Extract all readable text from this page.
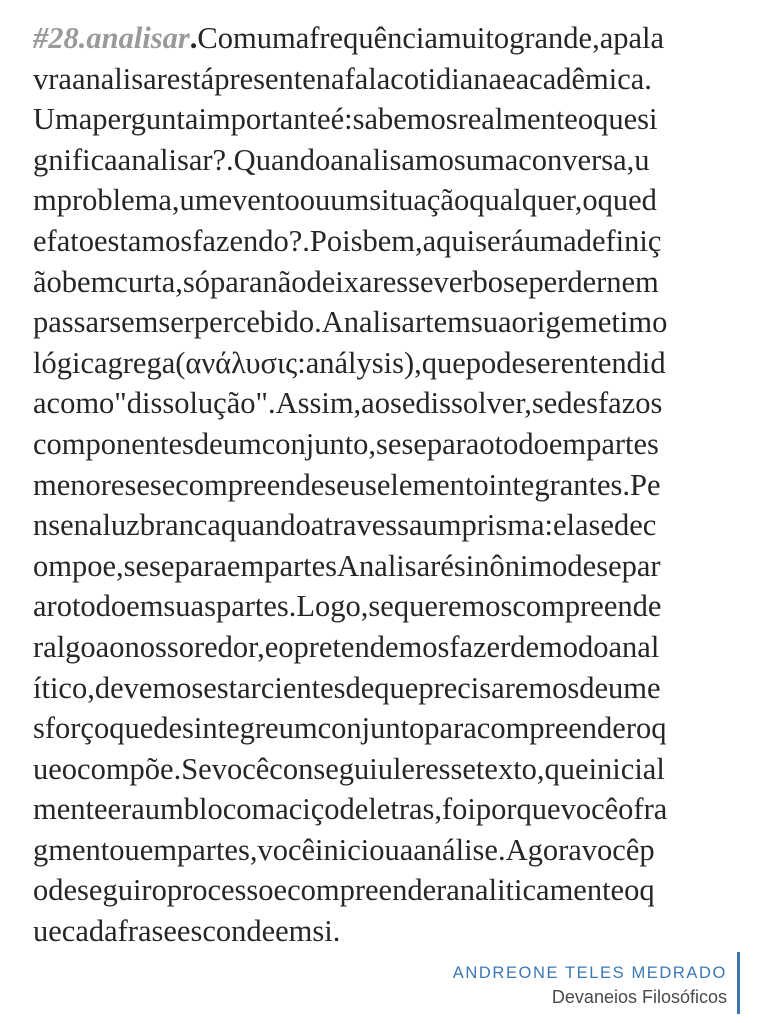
#28.analisar.Comumafrequênciamuitogrande,apala
vraanalisarestápresentenafalacotidianaeacadêmica.
Umaperguntaimportanteé:sabemosrealmenteoquesi
gnificaanalisar?.Quandoanalisamosumaconversa,u
mproblema,umeventoouumsituaçãoqualquer,oqued
efatoestamosfazendo?.Poisbem,aquiseráumadefiniç
ãobemcurta,sóparanãodeixaresseverboseperdernem
passarsemserpercebido.Analisartemsuaorigemetimo
lógicagrega(ανάλυσις:análysis),quepodeserentendid
acomo"dissolução".Assim,aosedissolver,sedesfazos
componentesdeumconjunto,seseparaotodoempartes
menoresesecompreendeseuselementointegrantes.Pe
nsenaluzbrancaquandoatravessaumprisma:elasedec
ompoe,seseparaempartesAnalisarésinônimodesepar
arotodoemsuaspartes.Logo,sequeremoscompreende
ralgoaonossoredor,eopretendemosfazerdemodoanal
ítico,devemosestarcientesdequeprecisaremosdeume
sforçoquedesintegreumconjuntoparacompreenderoq
ueocompõe.Sevocêconseguiuleressetexto,queinicial
menteeraumblocomaciçodeletras,foiporquevocêofra
gmentouempartes,vocêiniciouaanálise.Agoravocêp
odeseguiroprocessoecompreenderanaliticamenteoq
uecadafraseescondeemsi.
ANDREONE TELES MEDRADO
Devaneios Filosóficos
